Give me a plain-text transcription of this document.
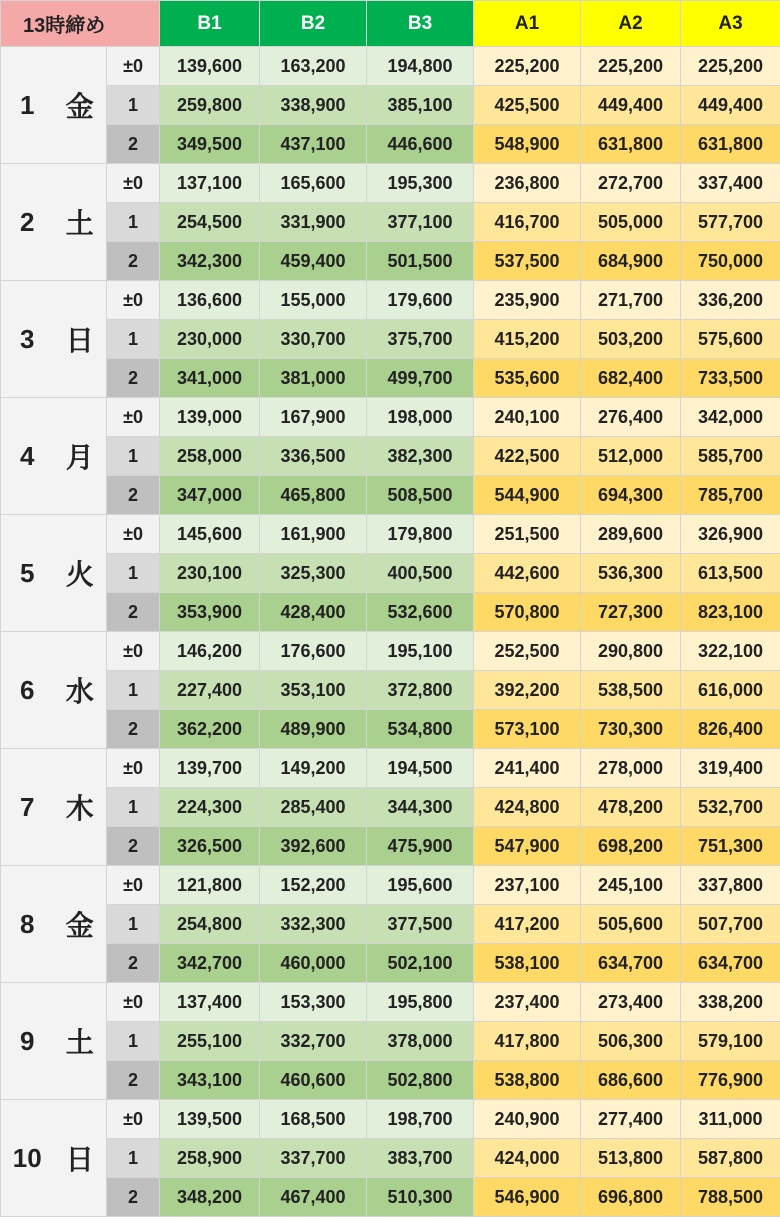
13時締め			B1	B2	B3	A1	A2	A3
1	金	±0	139,600	163,200	194,800	225,200	225,200	225,200
		1	259,800	338,900	385,100	425,500	449,400	449,400
		2	349,500	437,100	446,600	548,900	631,800	631,800
2	土	±0	137,100	165,600	195,300	236,800	272,700	337,400
		1	254,500	331,900	377,100	416,700	505,000	577,700
		2	342,300	459,400	501,500	537,500	684,900	750,000
3	日	±0	136,600	155,000	179,600	235,900	271,700	336,200
		1	230,000	330,700	375,700	415,200	503,200	575,600
		2	341,000	381,000	499,700	535,600	682,400	733,500
4	月	±0	139,000	167,900	198,000	240,100	276,400	342,000
		1	258,000	336,500	382,300	422,500	512,000	585,700
		2	347,000	465,800	508,500	544,900	694,300	785,700
5	火	±0	145,600	161,900	179,800	251,500	289,600	326,900
		1	230,100	325,300	400,500	442,600	536,300	613,500
		2	353,900	428,400	532,600	570,800	727,300	823,100
6	水	±0	146,200	176,600	195,100	252,500	290,800	322,100
		1	227,400	353,100	372,800	392,200	538,500	616,000
		2	362,200	489,900	534,800	573,100	730,300	826,400
7	木	±0	139,700	149,200	194,500	241,400	278,000	319,400
		1	224,300	285,400	344,300	424,800	478,200	532,700
		2	326,500	392,600	475,900	547,900	698,200	751,300
8	金	±0	121,800	152,200	195,600	237,100	245,100	337,800
		1	254,800	332,300	377,500	417,200	505,600	507,700
		2	342,700	460,000	502,100	538,100	634,700	634,700
9	土	±0	137,400	153,300	195,800	237,400	273,400	338,200
		1	255,100	332,700	378,000	417,800	506,300	579,100
		2	343,100	460,600	502,800	538,800	686,600	776,900
10	日	±0	139,500	168,500	198,700	240,900	277,400	311,000
		1	258,900	337,700	383,700	424,000	513,800	587,800
		2	348,200	467,400	510,300	546,900	696,800	788,500
